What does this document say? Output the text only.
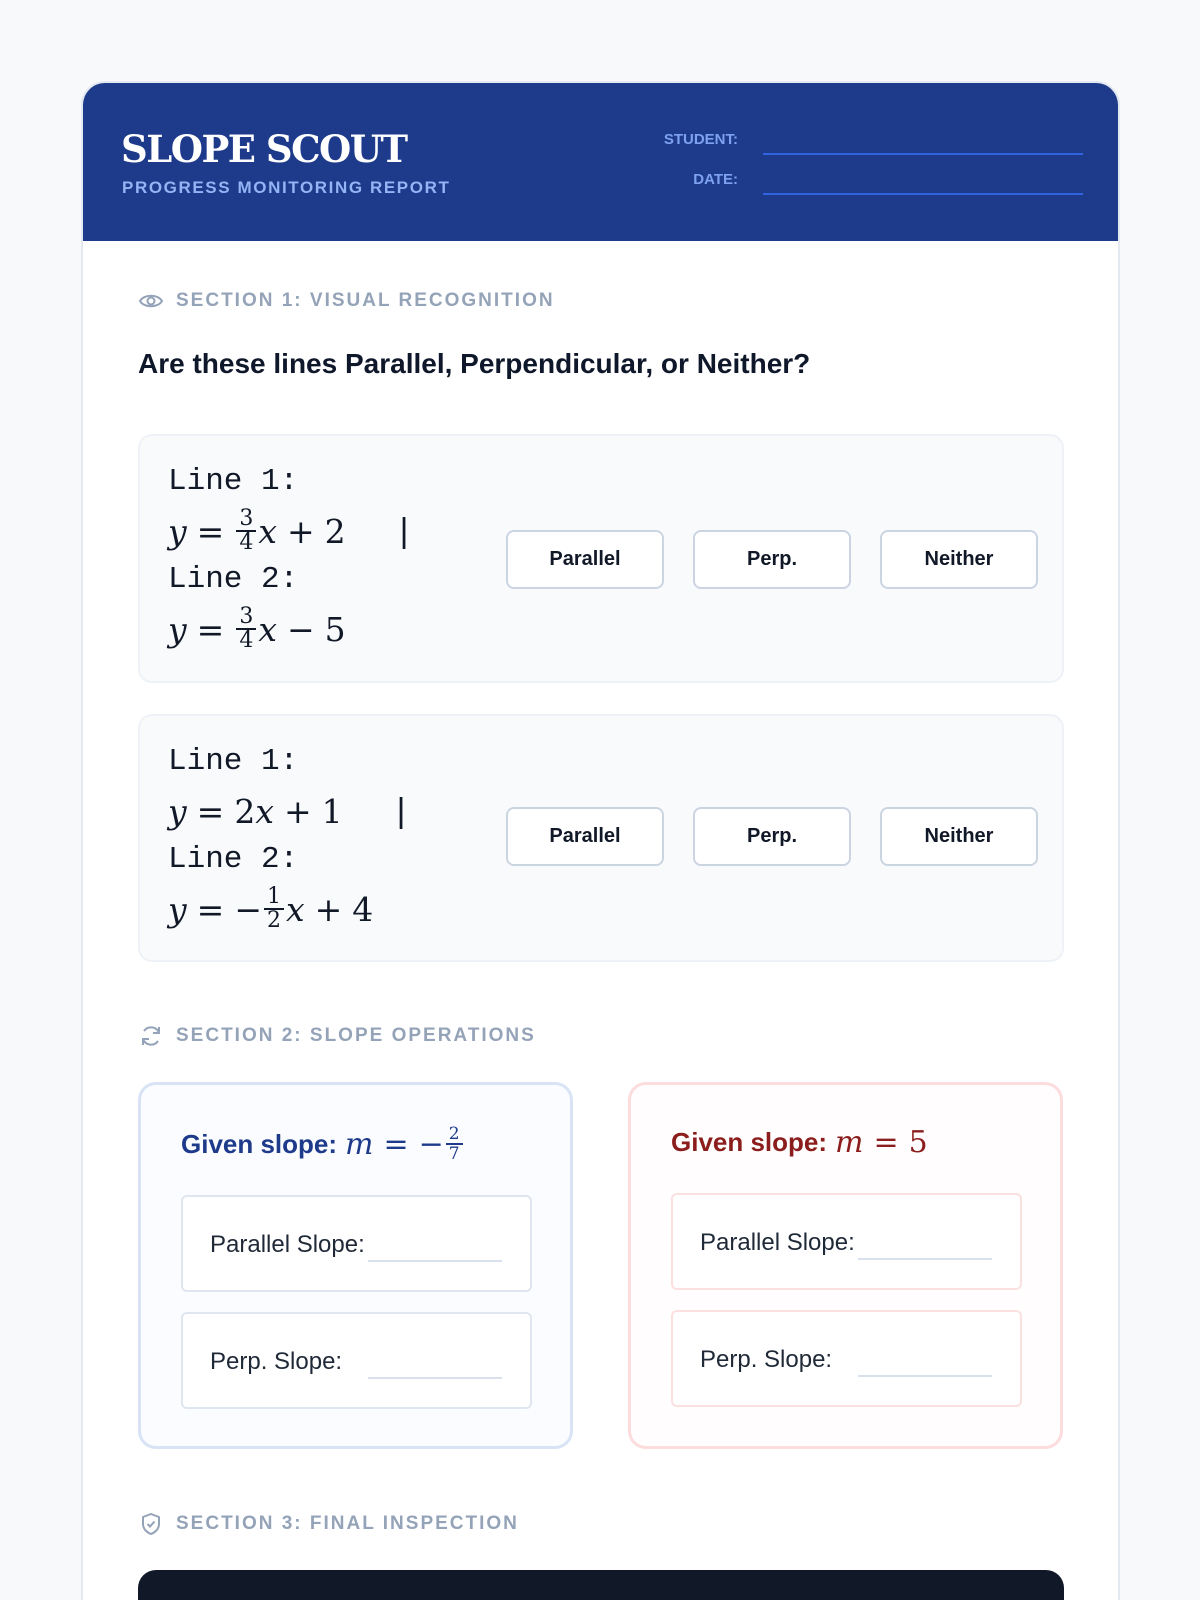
SLOPE SCOUT
PROGRESS MONITORING REPORT
STUDENT:
DATE:
SECTION 1: VISUAL RECOGNITION
Are these lines Parallel, Perpendicular, or Neither?
Line 1:
$y = \frac{3}{4}$ x + 2 |
Line 2:
$y = \frac{3}{4}$ x − 5
Parallel	Perp.	Neither
Line 1:
y = 2 x + 1 |
Line 2:
y = − $\frac{1}{2}$ x + 4
Parallel	Perp.	Neither
SECTION 2: SLOPE OPERATIONS
Given slope: m = − $\frac{2}{7}$
Parallel Slope:
Perp. Slope:
Given slope: m = 5
Parallel Slope:
Perp. Slope:
SECTION 3: FINAL INSPECTION
